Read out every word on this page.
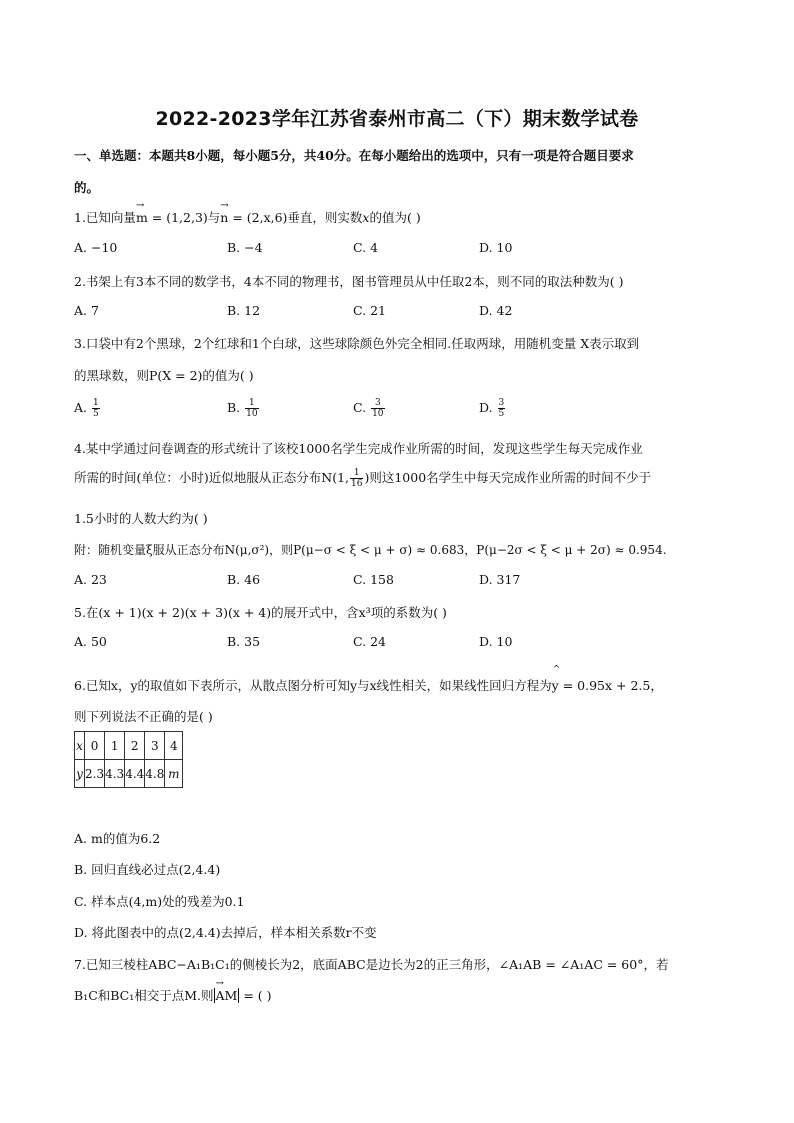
2022-2023学年江苏省泰州市高二（下）期末数学试卷
一、单选题：本题共8小题，每小题5分，共40分。在每小题给出的选项中，只有一项是符合题目要求
的。
1.已知向量→ m = (1,2,3)与→ n = (2,x,6)垂直，则实数x的值为( )
A. −10	B. −4	C. 4	D. 10
2.书架上有3本不同的数学书，4本不同的物理书，图书管理员从中任取2本，则不同的取法种数为( )
A. 7	B. 12	C. 21	D. 42
3.口袋中有2个黑球，2个红球和1个白球，这些球除颜色外完全相同.任取两球，用随机变量 X表示取到
的黑球数，则P(X = 2)的值为( )
A. $\frac{1}{5}$	B. $\frac{1}{10}$	C. $\frac{3}{10}$	D. $\frac{3}{5}$
4.某中学通过问卷调查的形式统计了该校1000名学生完成作业所需的时间，发现这些学生每天完成作业
所需的时间(单位：小时)近似地服从正态分布N(1, $\frac{1}{16}$ )则这1000名学生中每天完成作业所需的时间不少于
1.5小时的人数大约为( )
附：随机变量ξ服从正态分布N(μ,σ²)，则P(μ−σ < ξ < μ + σ) ≈ 0.683，P(μ−2σ < ξ < μ + 2σ) ≈ 0.954.
A. 23	B. 46	C. 158	D. 317
5.在(x + 1)(x + 2)(x + 3)(x + 4)的展开式中，含x³项的系数为( )
A. 50	B. 35	C. 24	D. 10
6.已知x，y的取值如下表所示，从散点图分析可知y与x线性相关，如果线性回归方程为^ y = 0.95x + 2.5，
则下列说法不正确的是( )
x	0	1	2	3	4
y	2.3	4.3	4.4	4.8	m
A. m的值为6.2
B. 回归直线必过点(2,4.4)
C. 样本点(4,m)处的残差为0.1
D. 将此图表中的点(2,4.4)去掉后，样本相关系数r不变
7.已知三棱柱ABC−A₁B₁C₁的侧棱长为2，底面ABC是边长为2的正三角形，∠A₁AB = ∠A₁AC = 60°，若
B₁C和BC₁相交于点M.则 → AM = ( )
